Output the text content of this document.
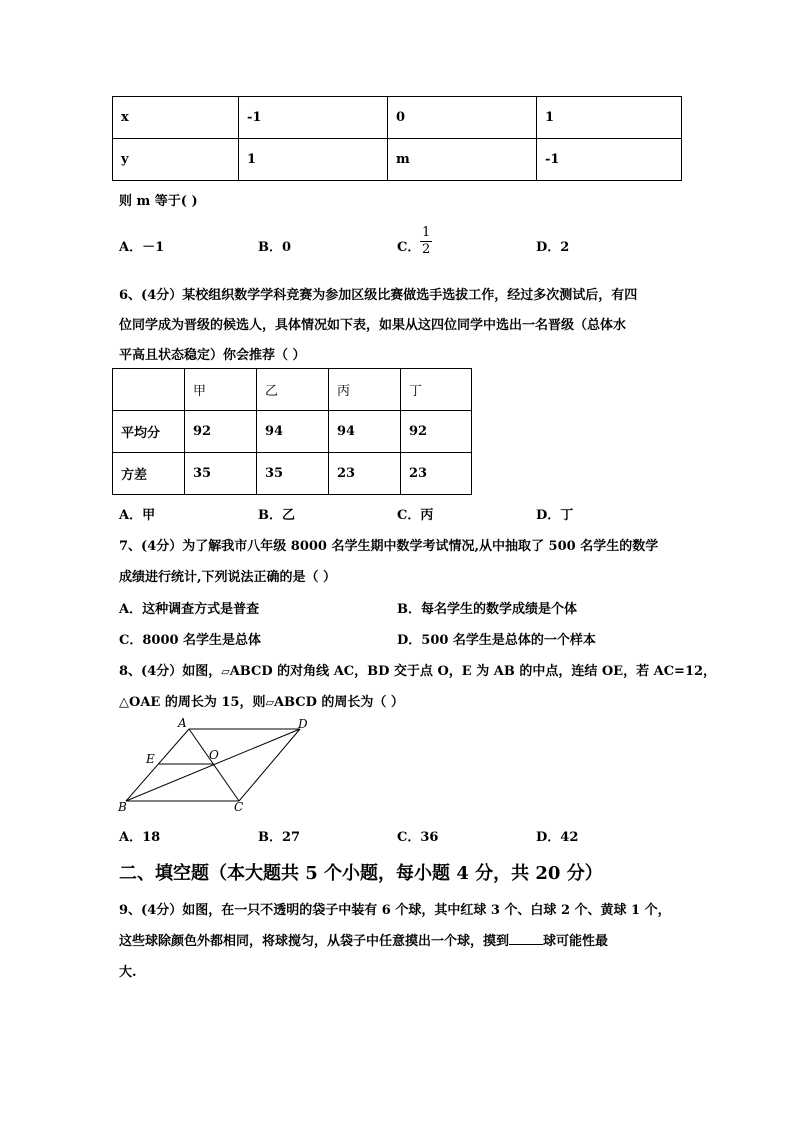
x	-1	0	1
y	1	m	-1
则 m 等于( )
A．－1	B．0	C． $\frac{1}{2}$	D．2
6、(4分）某校组织数学学科竞赛为参加区级比赛做选手选拔工作，经过多次测试后，有四
位同学成为晋级的候选人，具体情况如下表，如果从这四位同学中选出一名晋级（总体水
平高且状态稳定）你会推荐（ ）
	甲	乙	丙	丁
平均分	92	94	94	92
方差	35	35	23	23
A．甲	B．乙	C．丙	D．丁
7、(4分）为了解我市八年级 8000 名学生期中数学考试情况,从中抽取了 500 名学生的数学
成绩进行统计,下列说法正确的是（ ）
A．这种调查方式是普查	B．每名学生的数学成绩是个体
C．8000 名学生是总体	D．500 名学生是总体的一个样本
8、(4分）如图，▱ABCD 的对角线 AC，BD 交于点 O，E 为 AB 的中点，连结 OE，若 AC=12，
△OAE 的周长为 15，则▱ABCD 的周长为（ ）
A	D
E	O
B	C
A．18	B．27	C．36	D．42
二、填空题（本大题共 5 个小题，每小题 4 分，共 20 分）
9、(4分）如图，在一只不透明的袋子中装有 6 个球，其中红球 3 个、白球 2 个、黄球 1 个，
这些球除颜色外都相同，将球搅匀，从袋子中任意摸出一个球，摸到	球可能性最
大.
